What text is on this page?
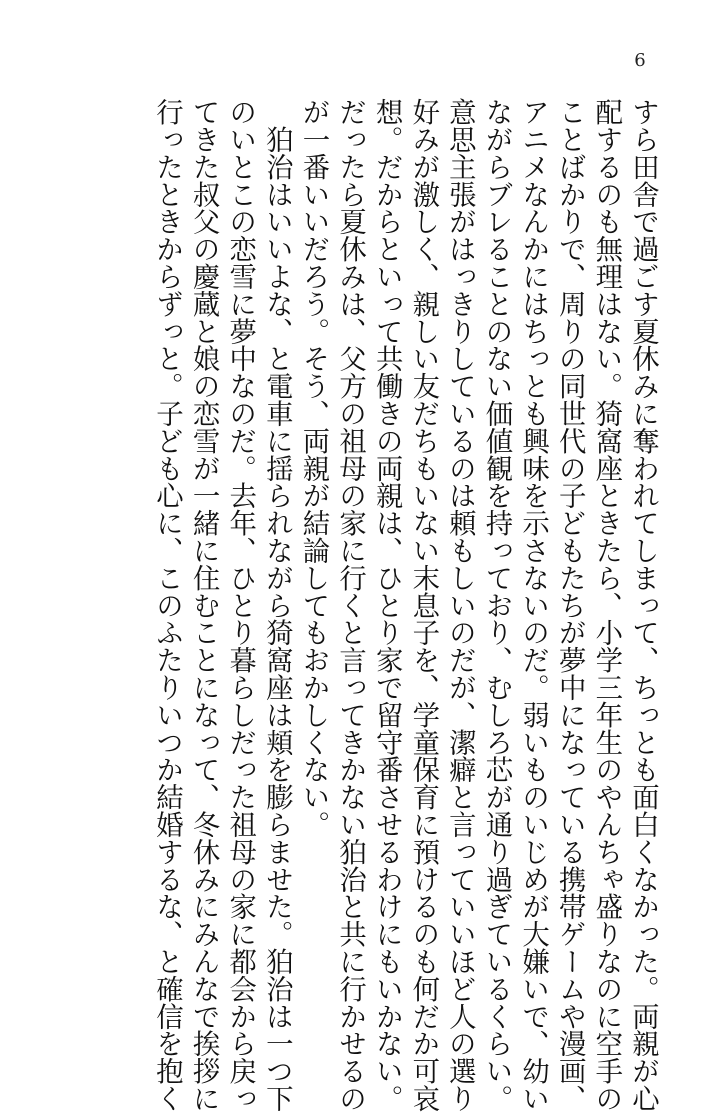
6
すら田舎で過ごす夏休みに奪われてしまって、ちっとも面白くなかった。両親が心
配するのも無理はない。猗窩座ときたら、小学三年生のやんちゃ盛りなのに空手の
ことばかりで、周りの同世代の子どもたちが夢中になっている携帯ゲームや漫画、
アニメなんかにはちっとも興味を示さないのだ。弱いものいじめが大嫌いで、幼い
ながらブレることのない価値観を持っており、むしろ芯が通り過ぎているくらい。
意思主張がはっきりしているのは頼もしいのだが、潔癖と言っていいほど人の選り
好みが激しく、親しい友だちもいない末息子を、学童保育に預けるのも何だか可哀
想。だからといって共働きの両親は、ひとり家で留守番させるわけにもいかない。
だったら夏休みは、父方の祖母の家に行くと言ってきかない狛治と共に行かせるの
が一番いいだろう。そう、両親が結論してもおかしくない。
　狛治はいいよな、と電車に揺られながら猗窩座は頬を膨らませた。狛治は一つ下
のいとこの恋雪に夢中なのだ。去年、ひとり暮らしだった祖母の家に都会から戻っ
てきた叔父の慶蔵と娘の恋雪が一緒に住むことになって、冬休みにみんなで挨拶に
行ったときからずっと。子ども心に、このふたりいつか結婚するな、と確信を抱く
